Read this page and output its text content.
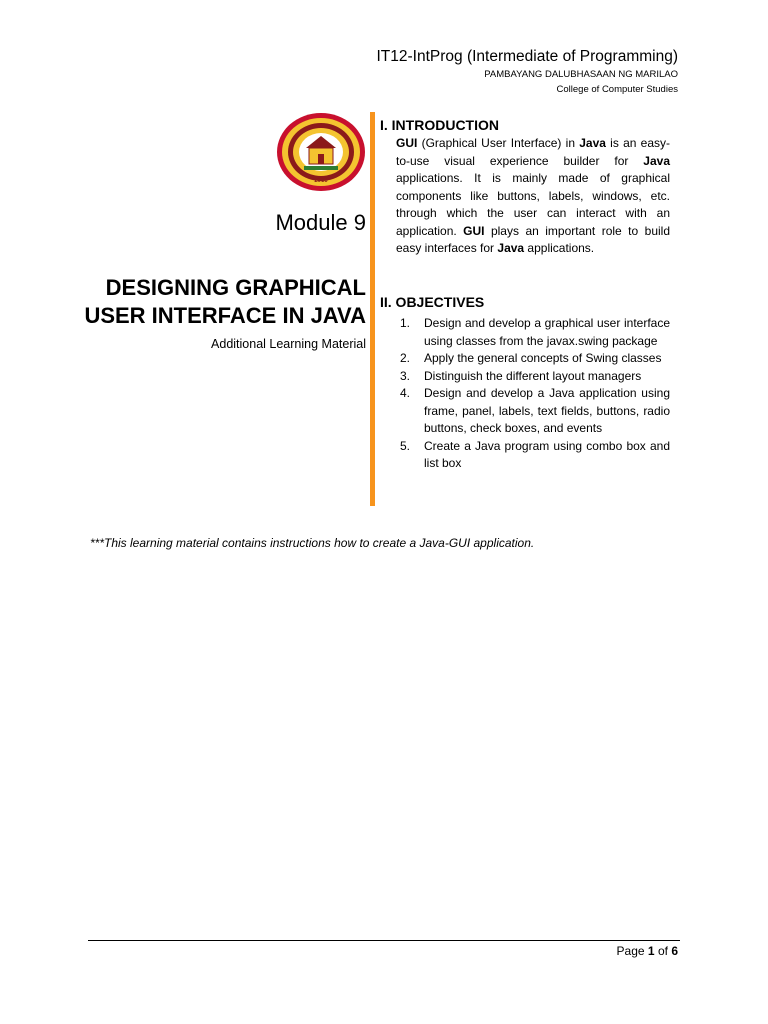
IT12-IntProg (Intermediate of Programming)
PAMBAYANG DALUBHASAAN NG MARILAO
College of Computer Studies
2010
Module 9
DESIGNING GRAPHICAL
USER INTERFACE IN JAVA
Additional Learning Material
I. INTRODUCTION
GUI (Graphical User Interface) in Java is an easy-to-use visual experience builder for Java applications. It is mainly made of graphical components like buttons, labels, windows, etc. through which the user can interact with an application. GUI plays an important role to build easy interfaces for Java applications.
II. OBJECTIVES
1.	Design and develop a graphical user interface using classes from the javax.swing package
2.	Apply the general concepts of Swing classes
3.	Distinguish the different layout managers
4.	Design and develop a Java application using frame, panel, labels, text fields, buttons, radio buttons, check boxes, and events
5.	Create a Java program using combo box and list box
***This learning material contains instructions how to create a Java-GUI application.
Page 1 of 6
